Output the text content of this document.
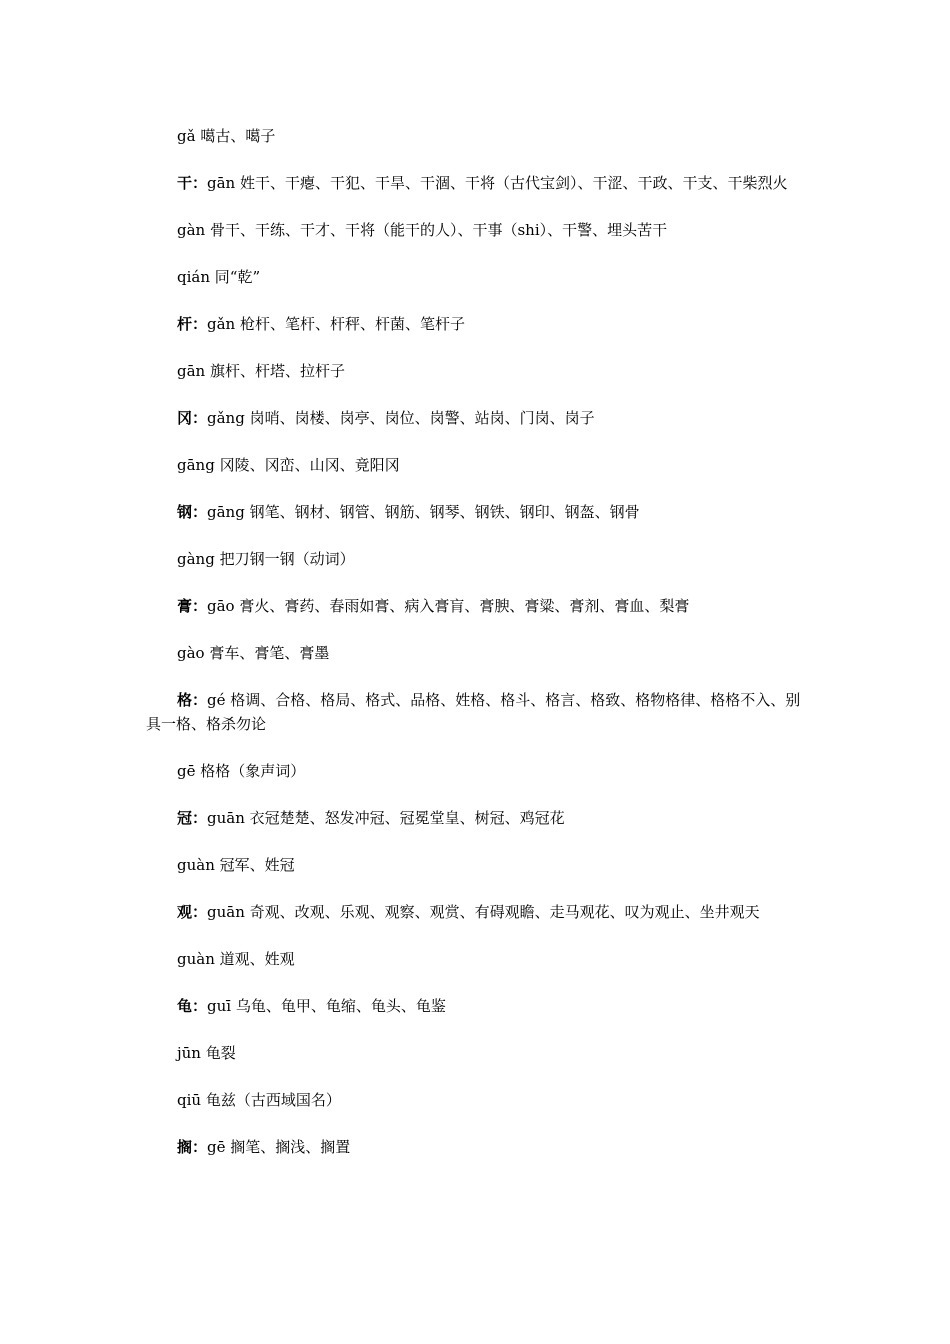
gǎ 噶古、噶子

干：gān 姓干、干瘪、干犯、干旱、干涸、干将（古代宝剑）、干涩、干政、干支、干柴烈火

gàn 骨干、干练、干才、干将（能干的人）、干事（shi）、干警、埋头苦干

qián 同“乾”

杆：gǎn 枪杆、笔杆、杆秤、杆菌、笔杆子

gān 旗杆、杆塔、拉杆子

冈：gǎng 岗哨、岗楼、岗亭、岗位、岗警、站岗、门岗、岗子

gāng 冈陵、冈峦、山冈、竟阳冈

钢：gāng 钢笔、钢材、钢管、钢筋、钢琴、钢铁、钢印、钢盔、钢骨

gàng 把刀钢一钢（动词）

膏：gāo 膏火、膏药、春雨如膏、病入膏肓、膏腴、膏粱、膏剂、膏血、梨膏

gào 膏车、膏笔、膏墨

格：gé 格调、合格、格局、格式、品格、姓格、格斗、格言、格致、格物格律、格格不入、别具一格、格杀勿论

gē 格格（象声词）

冠：guān 衣冠楚楚、怒发冲冠、冠冕堂皇、树冠、鸡冠花

guàn 冠军、姓冠

观：guān 奇观、改观、乐观、观察、观赏、有碍观瞻、走马观花、叹为观止、坐井观天

guàn 道观、姓观

龟：guī 乌龟、龟甲、龟缩、龟头、龟鉴

jūn 龟裂

qiū 龟兹（古西域国名）

搁：gē 搁笔、搁浅、搁置
